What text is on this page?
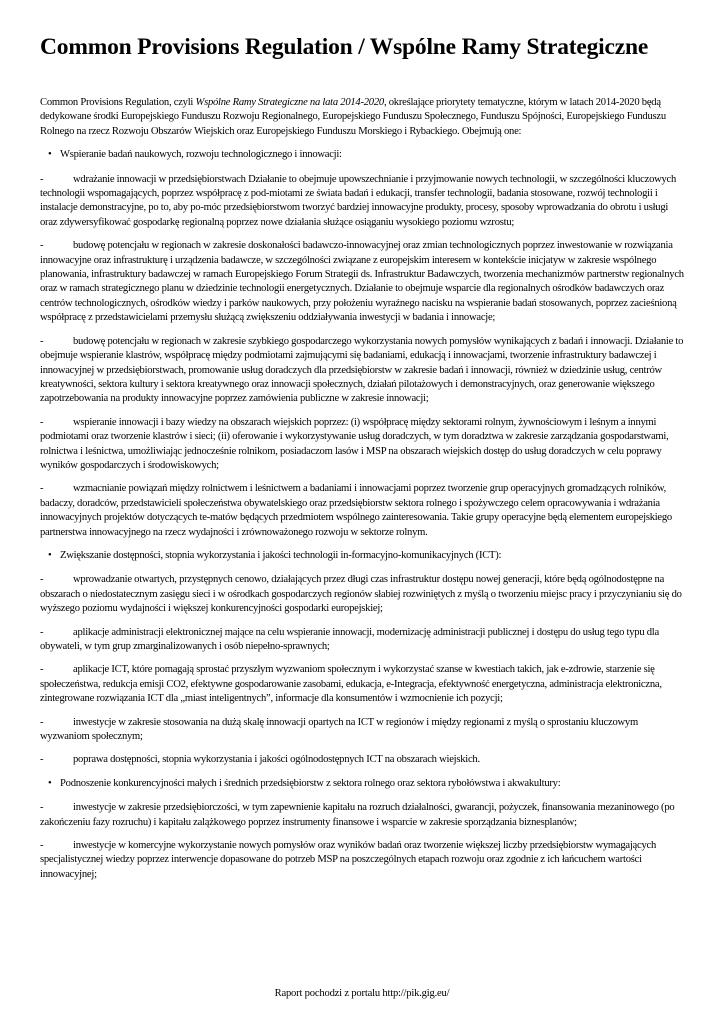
Common Provisions Regulation / Wspólne Ramy Strategiczne

Common Provisions Regulation, czyli Wspólne Ramy Strategiczne na lata 2014-2020, określające priorytety tematyczne, którym w latach 2014-2020 będą dedykowane środki Europejskiego Funduszu Rozwoju Regionalnego, Europejskiego Funduszu Społecznego, Funduszu Spójności, Europejskiego Funduszu Rolnego na rzecz Rozwoju Obszarów Wiejskich oraz Europejskiego Funduszu Morskiego i Rybackiego. Obejmują one:

• Wspieranie badań naukowych, rozwoju technologicznego i innowacji:

-	wdrażanie innowacji w przedsiębiorstwach Działanie to obejmuje upowszechnianie i przyjmowanie nowych technologii, w szczególności kluczowych technologii wspomagających, poprzez współpracę z pod-miotami ze świata badań i edukacji, transfer technologii, badania stosowane, rozwój technologii i instalacje demonstracyjne, po to, aby po-móc przedsiębiorstwom tworzyć bardziej innowacyjne produkty, procesy, sposoby wprowadzania do obrotu i usługi oraz zdywersyfikować gospodarkę regionalną poprzez nowe działania służące osiąganiu wysokiego poziomu wzrostu;

-	budowę potencjału w regionach w zakresie doskonałości badawczo-innowacyjnej oraz zmian technologicznych poprzez inwestowanie w rozwiązania innowacyjne oraz infrastrukturę i urządzenia badawcze, w szczególności związane z europejskim interesem w kontekście inicjatyw w zakresie wspólnego planowania, infrastruktury badawczej w ramach Europejskiego Forum Strategii ds. Infrastruktur Badawczych, tworzenia mechanizmów partnerstw regionalnych oraz w ramach strategicznego planu w dziedzinie technologii energetycznych. Działanie to obejmuje wsparcie dla regionalnych ośrodków badawczych oraz centrów technologicznych, ośrodków wiedzy i parków naukowych, przy położeniu wyraźnego nacisku na wspieranie badań stosowanych, poprzez zacieśnioną współpracę z przedstawicielami przemysłu służącą zwiększeniu oddziaływania inwestycji w badania i innowacje;

-	budowę potencjału w regionach w zakresie szybkiego gospodarczego wykorzystania nowych pomysłów wynikających z badań i innowacji. Działanie to obejmuje wspieranie klastrów, współpracę między podmiotami zajmującymi się badaniami, edukacją i innowacjami, tworzenie infrastruktury badawczej i innowacyjnej w przedsiębiorstwach, promowanie usług doradczych dla przedsiębiorstw w zakresie badań i innowacji, również w dziedzinie usług, centrów kreatywności, sektora kultury i sektora kreatywnego oraz innowacji społecznych, działań pilotażowych i demonstracyjnych, oraz generowanie większego zapotrzebowania na produkty innowacyjne poprzez zamówienia publiczne w zakresie innowacji;

-	wspieranie innowacji i bazy wiedzy na obszarach wiejskich poprzez: (i) współpracę między sektorami rolnym, żywnościowym i leśnym a innymi podmiotami oraz tworzenie klastrów i sieci; (ii) oferowanie i wykorzystywanie usług doradczych, w tym doradztwa w zakresie zarządzania gospodarstwami, rolnictwa i leśnictwa, umożliwiając jednocześnie rolnikom, posiadaczom lasów i MSP na obszarach wiejskich dostęp do usług doradczych w celu poprawy wyników gospodarczych i środowiskowych;

-	wzmacnianie powiązań między rolnictwem i leśnictwem a badaniami i innowacjami poprzez tworzenie grup operacyjnych gromadzących rolników, badaczy, doradców, przedstawicieli społeczeństwa obywatelskiego oraz przedsiębiorstw sektora rolnego i spożywczego celem opracowywania i wdrażania innowacyjnych projektów dotyczących te-matów będących przedmiotem wspólnego zainteresowania. Takie grupy operacyjne będą elementem europejskiego partnerstwa innowacyjnego na rzecz wydajności i zrównoważonego rozwoju w sektorze rolnym.

• Zwiększanie dostępności, stopnia wykorzystania i jakości technologii in-formacyjno-komunikacyjnych (ICT):

-	wprowadzanie otwartych, przystępnych cenowo, działających przez długi czas infrastruktur dostępu nowej generacji, które będą ogólnodostępne na obszarach o niedostatecznym zasięgu sieci i w ośrodkach gospodarczych regionów słabiej rozwiniętych z myślą o tworzeniu miejsc pracy i przyczynianiu się do wyższego poziomu wydajności i większej konkurencyjności gospodarki europejskiej;

-	aplikacje administracji elektronicznej mające na celu wspieranie innowacji, modernizację administracji publicznej i dostępu do usług tego typu dla obywateli, w tym grup zmarginalizowanych i osób niepełno-sprawnych;

-	aplikacje ICT, które pomagają sprostać przyszłym wyzwaniom społecznym i wykorzystać szanse w kwestiach takich, jak e-zdrowie, starzenie się społeczeństwa, redukcja emisji CO2, efektywne gospodarowanie zasobami, edukacja, e-Integracja, efektywność energetyczna, administracja elektroniczna, zintegrowane rozwiązania ICT dla „miast inteligentnych”, informacje dla konsumentów i wzmocnienie ich pozycji;

-	inwestycje w zakresie stosowania na dużą skalę innowacji opartych na ICT w regionów i między regionami z myślą o sprostaniu kluczowym wyzwaniom społecznym;

-	poprawa dostępności, stopnia wykorzystania i jakości ogólnodostępnych ICT na obszarach wiejskich.

• Podnoszenie konkurencyjności małych i średnich przedsiębiorstw z sektora rolnego oraz sektora rybołówstwa i akwakultury:

-	inwestycje w zakresie przedsiębiorczości, w tym zapewnienie kapitału na rozruch działalności, gwarancji, pożyczek, finansowania mezaninowego (po zakończeniu fazy rozruchu) i kapitału zalążkowego poprzez instrumenty finansowe i wsparcie w zakresie sporządzania biznesplanów;

-	inwestycje w komercyjne wykorzystanie nowych pomysłów oraz wyników badań oraz tworzenie większej liczby przedsiębiorstw wymagających specjalistycznej wiedzy poprzez interwencje dopasowane do potrzeb MSP na poszczególnych etapach rozwoju oraz zgodnie z ich łańcuchem wartości innowacyjnej;

Raport pochodzi z portalu http://pik.gig.eu/
